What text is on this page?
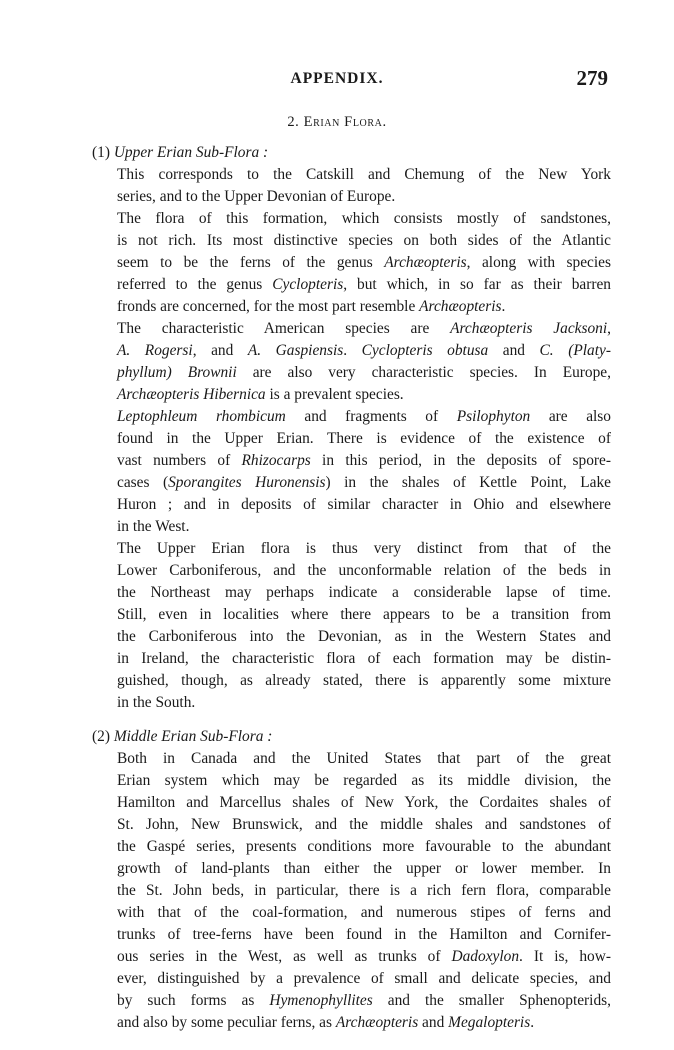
APPENDIX.	279
2. Erian Flora.

(1) Upper Erian Sub-Flora :

This corresponds to the Catskill and Chemung of the New York
series, and to the Upper Devonian of Europe.
The flora of this formation, which consists mostly of sandstones,
is not rich. Its most distinctive species on both sides of the Atlantic
seem to be the ferns of the genus Archæopteris, along with species
referred to the genus Cyclopteris, but which, in so far as their barren
fronds are concerned, for the most part resemble Archæopteris.
The characteristic American species are Archæopteris Jacksoni,
A. Rogersi, and A. Gaspiensis. Cyclopteris obtusa and C. (Platy-
phyllum) Brownii are also very characteristic species. In Europe,
Archæopteris Hibernica is a prevalent species.
Leptophleum rhombicum and fragments of Psilophyton are also
found in the Upper Erian. There is evidence of the existence of
vast numbers of Rhizocarps in this period, in the deposits of spore-
cases (Sporangites Huronensis) in the shales of Kettle Point, Lake
Huron ; and in deposits of similar character in Ohio and elsewhere
in the West.
The Upper Erian flora is thus very distinct from that of the
Lower Carboniferous, and the unconformable relation of the beds in
the Northeast may perhaps indicate a considerable lapse of time.
Still, even in localities where there appears to be a transition from
the Carboniferous into the Devonian, as in the Western States and
in Ireland, the characteristic flora of each formation may be distin-
guished, though, as already stated, there is apparently some mixture
in the South.

(2) Middle Erian Sub-Flora :

Both in Canada and the United States that part of the great
Erian system which may be regarded as its middle division, the
Hamilton and Marcellus shales of New York, the Cordaites shales of
St. John, New Brunswick, and the middle shales and sandstones of
the Gaspé series, presents conditions more favourable to the abundant
growth of land-plants than either the upper or lower member. In
the St. John beds, in particular, there is a rich fern flora, comparable
with that of the coal-formation, and numerous stipes of ferns and
trunks of tree-ferns have been found in the Hamilton and Cornifer-
ous series in the West, as well as trunks of Dadoxylon. It is, how-
ever, distinguished by a prevalence of small and delicate species, and
by such forms as Hymenophyllites and the smaller Sphenopterids,
and also by some peculiar ferns, as Archæopteris and Megalopteris.
